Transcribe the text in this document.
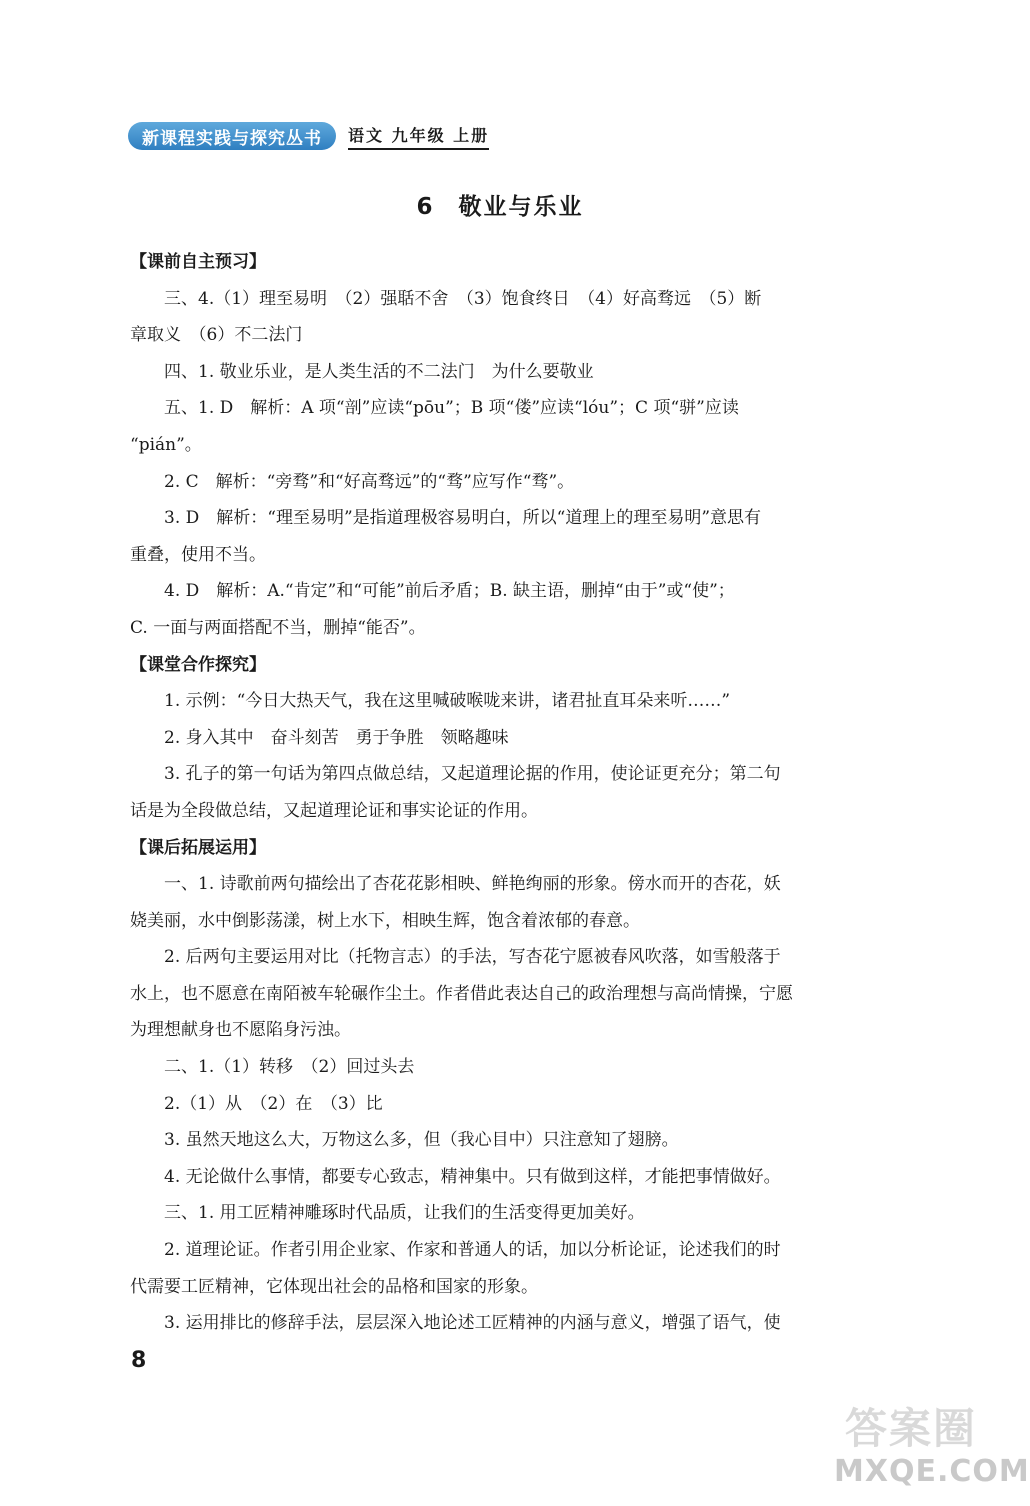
新课程实践与探究丛书	语文 九年级 上册
6 敬业与乐业

【课前自主预习】

三、4.（1）理至易明　（2）强聒不舍　（3）饱食终日　（4）好高骛远　（5）断

章取义　（6）不二法门

四、1. 敬业乐业，是人类生活的不二法门　为什么要敬业

五、1. D　解析：A 项“剖”应读“pōu”；B 项“偻”应读“lóu”；C 项“骈”应读

“pián”。

2. C　解析：“旁骛”和“好高骛远”的“骛”应写作“骛”。

3. D　解析：“理至易明”是指道理极容易明白，所以“道理上的理至易明”意思有

重叠，使用不当。

4. D　解析：A.“肯定”和“可能”前后矛盾；B. 缺主语，删掉“由于”或“使”；

C. 一面与两面搭配不当，删掉“能否”。

【课堂合作探究】

1. 示例：“今日大热天气，我在这里喊破喉咙来讲，诸君扯直耳朵来听……”

2. 身入其中　奋斗刻苦　勇于争胜　领略趣味

3. 孔子的第一句话为第四点做总结，又起道理论据的作用，使论证更充分；第二句

话是为全段做总结，又起道理论证和事实论证的作用。

【课后拓展运用】

一、1. 诗歌前两句描绘出了杏花花影相映、鲜艳绚丽的形象。傍水而开的杏花，妖

娆美丽，水中倒影荡漾，树上水下，相映生辉，饱含着浓郁的春意。

2. 后两句主要运用对比（托物言志）的手法，写杏花宁愿被春风吹落，如雪般落于

水上，也不愿意在南陌被车轮碾作尘土。作者借此表达自己的政治理想与高尚情操，宁愿

为理想献身也不愿陷身污浊。

二、1.（1）转移　（2）回过头去

2.（1）从　（2）在　（3）比

3. 虽然天地这么大，万物这么多，但（我心目中）只注意知了翅膀。

4. 无论做什么事情，都要专心致志，精神集中。只有做到这样，才能把事情做好。

三、1. 用工匠精神雕琢时代品质，让我们的生活变得更加美好。

2. 道理论证。作者引用企业家、作家和普通人的话，加以分析论证，论述我们的时

代需要工匠精神，它体现出社会的品格和国家的形象。

3. 运用排比的修辞手法，层层深入地论述工匠精神的内涵与意义，增强了语气，使

8
答案圈
MXQE.COM
